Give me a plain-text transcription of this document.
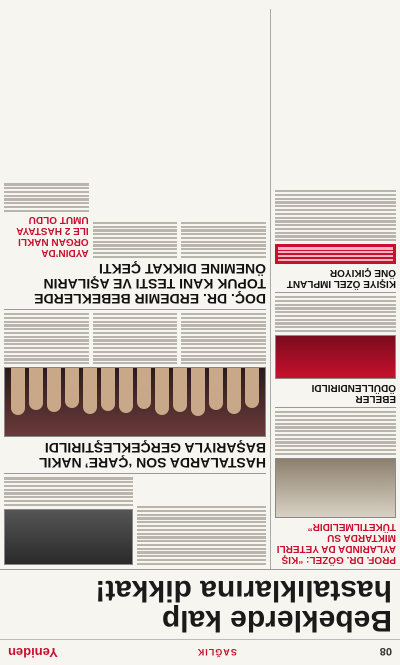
08
SAĞLIK
Yeniden
Bebeklerde kalp hastalıklarına dikkat!
PROF. DR. GÖZEL: “KIŞ AYLARINDA DA YETERLI MIKTARDA SU TÜKETILMELIDIR”
EBELER ÖDÜLLENDIRILDI
KIŞIYE ÖZEL IMPLANT ÖNE ÇIKIYOR
HASTALARDA SON ‘ÇARE’ NAKIL BAŞARIYLA GERÇEKLEŞTIRILDI
DOÇ. DR. ERDEMIR BEBEKLERDE TOPUK KANI TESTI VE AŞILARIN ÖNEMINE DIKKAT ÇEKTI
AYDIN’DA ORGAN NAKLI ILE 2 HASTAYA UMUT OLDU
